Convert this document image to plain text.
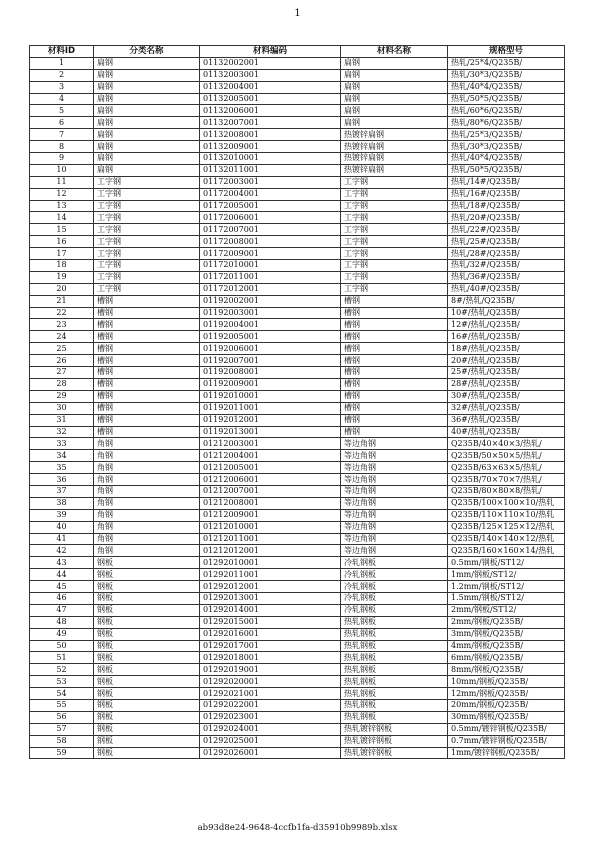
1
材料ID	分类名称	材料编码	材料名称	规格型号
1	扁钢	01132002001	扁钢	热轧/25*4/Q235B/
2	扁钢	01132003001	扁钢	热轧/30*3/Q235B/
3	扁钢	01132004001	扁钢	热轧/40*4/Q235B/
4	扁钢	01132005001	扁钢	热轧/50*5/Q235B/
5	扁钢	01132006001	扁钢	热轧/60*6/Q235B/
6	扁钢	01132007001	扁钢	热轧/80*6/Q235B/
7	扁钢	01132008001	热镀锌扁钢	热轧/25*3/Q235B/
8	扁钢	01132009001	热镀锌扁钢	热轧/30*3/Q235B/
9	扁钢	01132010001	热镀锌扁钢	热轧/40*4/Q235B/
10	扁钢	01132011001	热镀锌扁钢	热轧/50*5/Q235B/
11	工字钢	01172003001	工字钢	热轧/14#/Q235B/
12	工字钢	01172004001	工字钢	热轧/16#/Q235B/
13	工字钢	01172005001	工字钢	热轧/18#/Q235B/
14	工字钢	01172006001	工字钢	热轧/20#/Q235B/
15	工字钢	01172007001	工字钢	热轧/22#/Q235B/
16	工字钢	01172008001	工字钢	热轧/25#/Q235B/
17	工字钢	01172009001	工字钢	热轧/28#/Q235B/
18	工字钢	01172010001	工字钢	热轧/32#/Q235B/
19	工字钢	01172011001	工字钢	热轧/36#/Q235B/
20	工字钢	01172012001	工字钢	热轧/40#/Q235B/
21	槽钢	01192002001	槽钢	8#/热轧/Q235B/
22	槽钢	01192003001	槽钢	10#/热轧/Q235B/
23	槽钢	01192004001	槽钢	12#/热轧/Q235B/
24	槽钢	01192005001	槽钢	16#/热轧/Q235B/
25	槽钢	01192006001	槽钢	18#/热轧/Q235B/
26	槽钢	01192007001	槽钢	20#/热轧/Q235B/
27	槽钢	01192008001	槽钢	25#/热轧/Q235B/
28	槽钢	01192009001	槽钢	28#/热轧/Q235B/
29	槽钢	01192010001	槽钢	30#/热轧/Q235B/
30	槽钢	01192011001	槽钢	32#/热轧/Q235B/
31	槽钢	01192012001	槽钢	36#/热轧/Q235B/
32	槽钢	01192013001	槽钢	40#/热轧/Q235B/
33	角钢	01212003001	等边角钢	Q235B/40×40×3/热轧/
34	角钢	01212004001	等边角钢	Q235B/50×50×5/热轧/
35	角钢	01212005001	等边角钢	Q235B/63×63×5/热轧/
36	角钢	01212006001	等边角钢	Q235B/70×70×7/热轧/
37	角钢	01212007001	等边角钢	Q235B/80×80×8/热轧/
38	角钢	01212008001	等边角钢	Q235B/100×100×10/热轧
39	角钢	01212009001	等边角钢	Q235B/110×110×10/热轧
40	角钢	01212010001	等边角钢	Q235B/125×125×12/热轧
41	角钢	01212011001	等边角钢	Q235B/140×140×12/热轧
42	角钢	01212012001	等边角钢	Q235B/160×160×14/热轧
43	钢板	01292010001	冷轧钢板	0.5mm/钢板/ST12/
44	钢板	01292011001	冷轧钢板	1mm/钢板/ST12/
45	钢板	01292012001	冷轧钢板	1.2mm/钢板/ST12/
46	钢板	01292013001	冷轧钢板	1.5mm/钢板/ST12/
47	钢板	01292014001	冷轧钢板	2mm/钢板/ST12/
48	钢板	01292015001	热轧钢板	2mm/钢板/Q235B/
49	钢板	01292016001	热轧钢板	3mm/钢板/Q235B/
50	钢板	01292017001	热轧钢板	4mm/钢板/Q235B/
51	钢板	01292018001	热轧钢板	6mm/钢板/Q235B/
52	钢板	01292019001	热轧钢板	8mm/钢板/Q235B/
53	钢板	01292020001	热轧钢板	10mm/钢板/Q235B/
54	钢板	01292021001	热轧钢板	12mm/钢板/Q235B/
55	钢板	01292022001	热轧钢板	20mm/钢板/Q235B/
56	钢板	01292023001	热轧钢板	30mm/钢板/Q235B/
57	钢板	01292024001	热轧镀锌钢板	0.5mm/镀锌钢板/Q235B/
58	钢板	01292025001	热轧镀锌钢板	0.7mm/镀锌钢板/Q235B/
59	钢板	01292026001	热轧镀锌钢板	1mm/镀锌钢板/Q235B/
ab93d8e24-9648-4ccfb1fa-d35910b9989b.xlsx
